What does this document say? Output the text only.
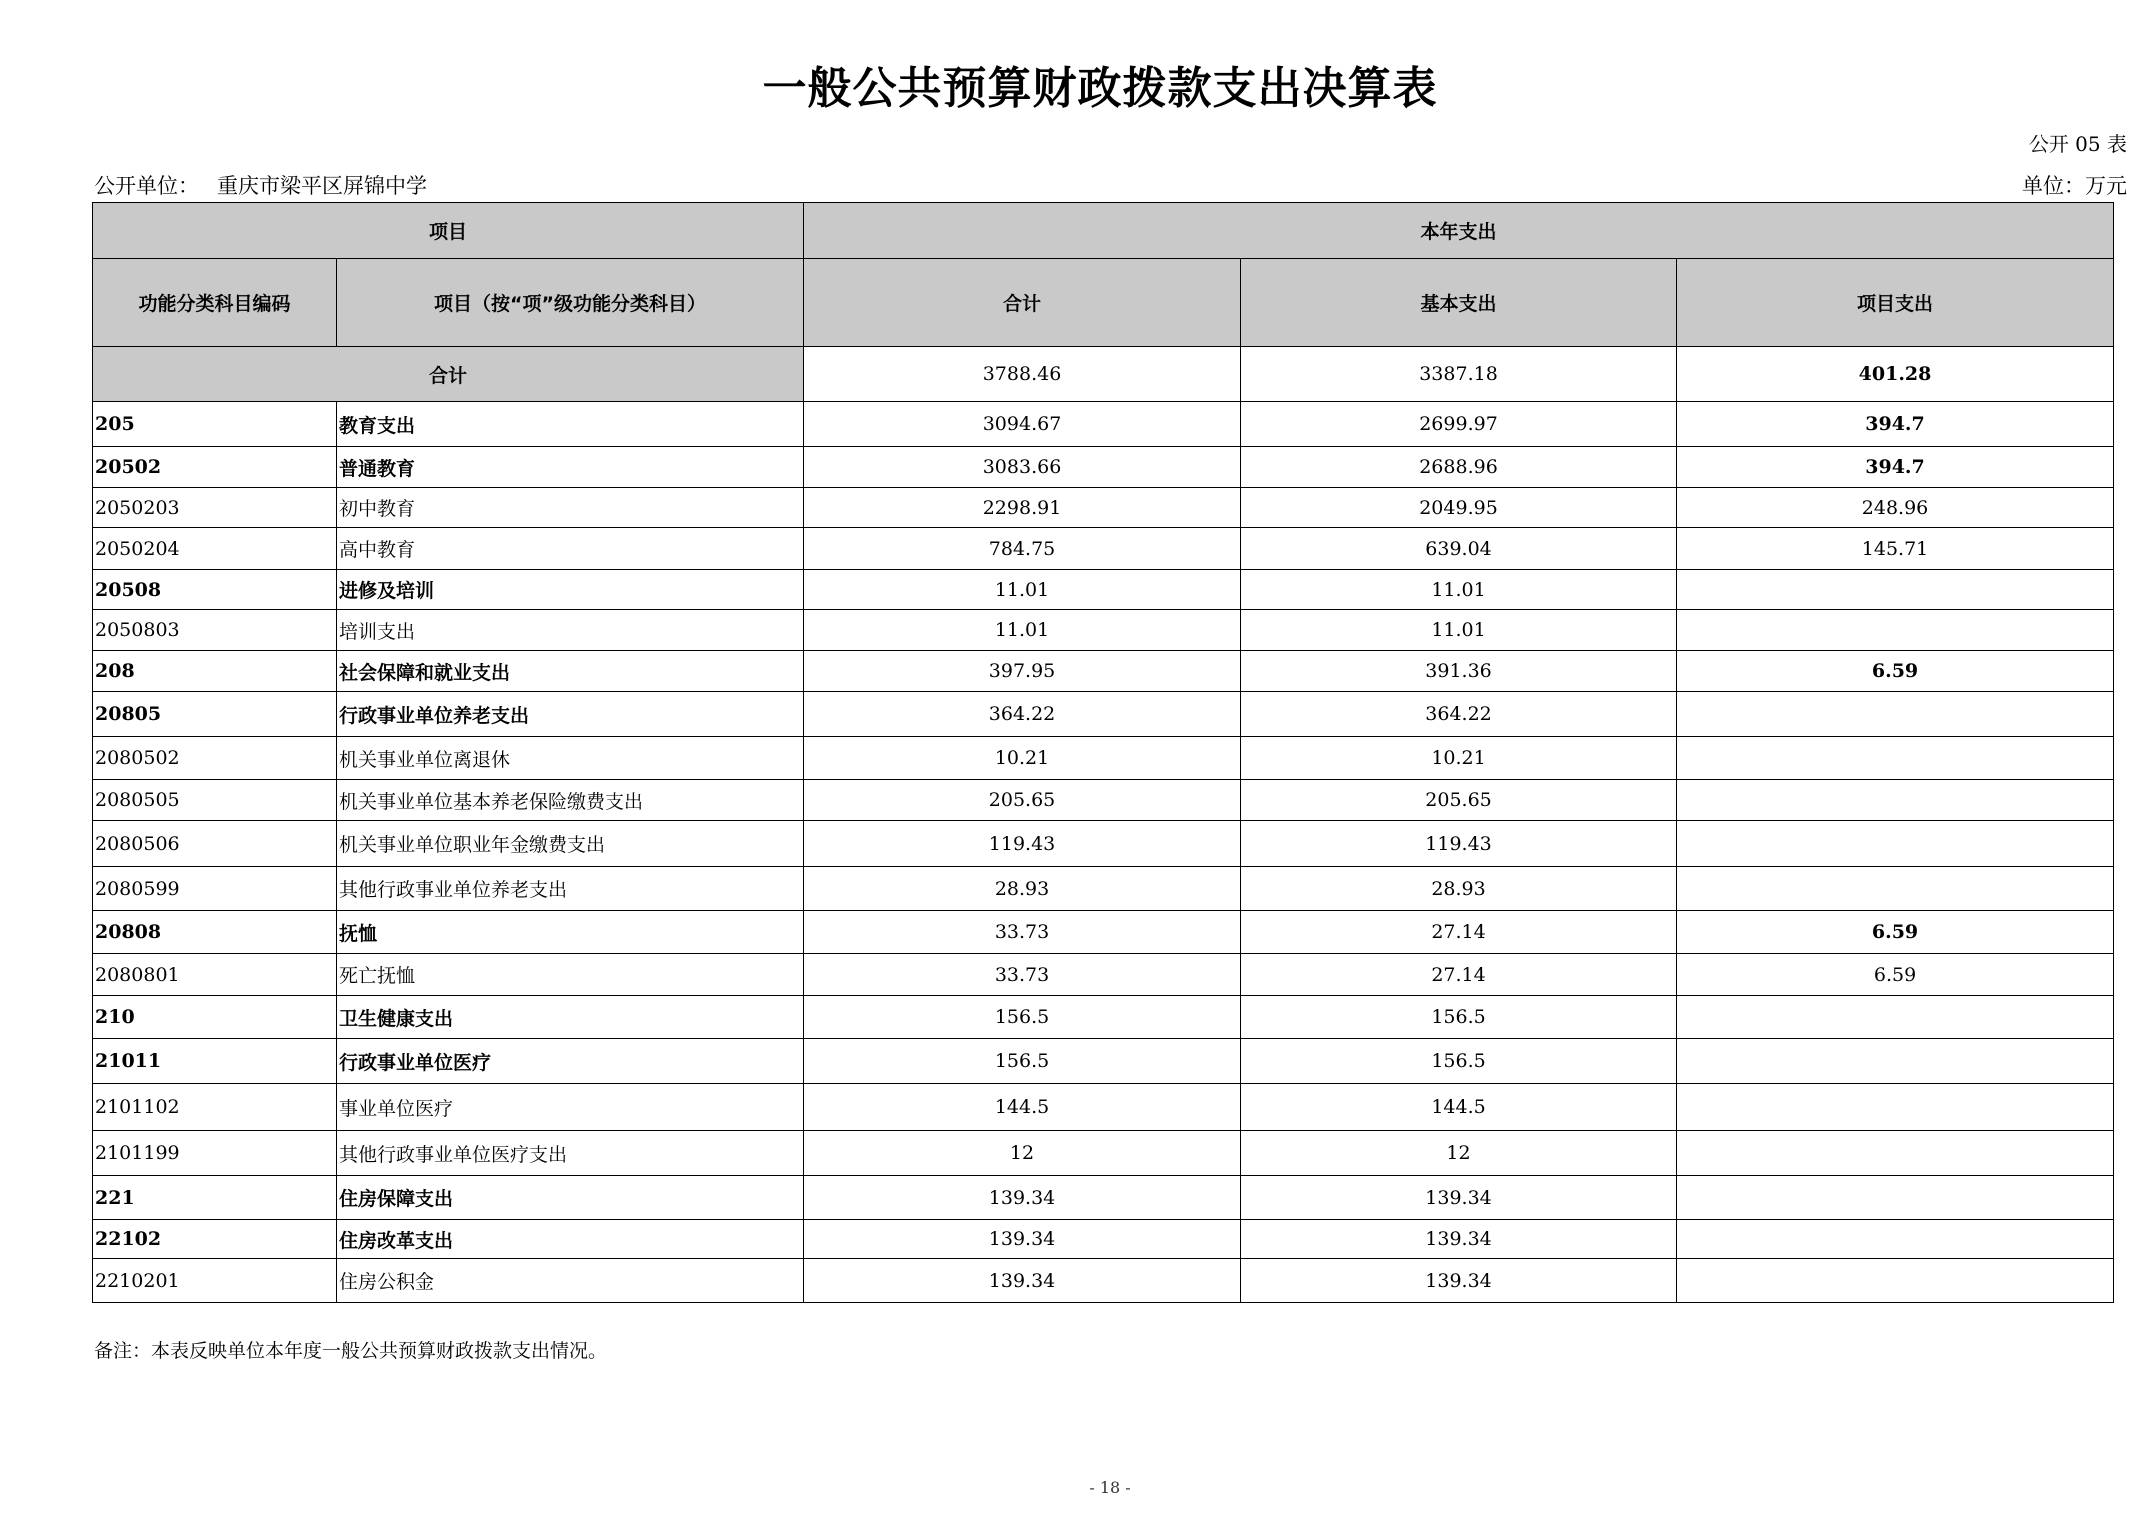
一般公共预算财政拨款支出决算表
公开 05 表
公开单位： 重庆市梁平区屏锦中学	单位：万元
项目		本年支出		
功能分类科目编码	项目（按“项”级功能分类科目）	合计	基本支出	项目支出
合计		3788.46	3387.18	401.28
205	教育支出	3094.67	2699.97	394.7
20502	普通教育	3083.66	2688.96	394.7
2050203	初中教育	2298.91	2049.95	248.96
2050204	高中教育	784.75	639.04	145.71
20508	进修及培训	11.01	11.01	
2050803	培训支出	11.01	11.01	
208	社会保障和就业支出	397.95	391.36	6.59
20805	行政事业单位养老支出	364.22	364.22	
2080502	机关事业单位离退休	10.21	10.21	
2080505	机关事业单位基本养老保险缴费支出	205.65	205.65	
2080506	机关事业单位职业年金缴费支出	119.43	119.43	
2080599	其他行政事业单位养老支出	28.93	28.93	
20808	抚恤	33.73	27.14	6.59
2080801	死亡抚恤	33.73	27.14	6.59
210	卫生健康支出	156.5	156.5	
21011	行政事业单位医疗	156.5	156.5	
2101102	事业单位医疗	144.5	144.5	
2101199	其他行政事业单位医疗支出	12	12	
221	住房保障支出	139.34	139.34	
22102	住房改革支出	139.34	139.34	
2210201	住房公积金	139.34	139.34	
备注：本表反映单位本年度一般公共预算财政拨款支出情况。
- 18 -
